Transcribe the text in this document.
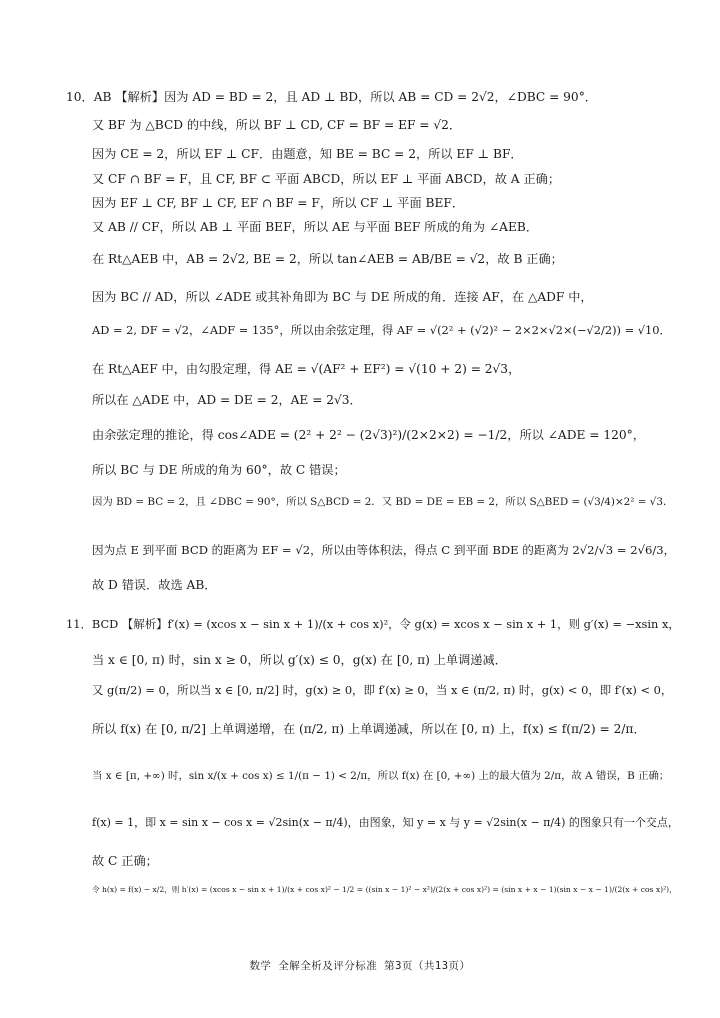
10．AB 【解析】因为 AD = BD = 2，且 AD ⊥ BD，所以 AB = CD = 2√2，∠DBC = 90°．
又 BF 为 △BCD 的中线，所以 BF ⊥ CD, CF = BF = EF = √2．
因为 CE = 2，所以 EF ⊥ CF．由题意，知 BE = BC = 2，所以 EF ⊥ BF．
又 CF ∩ BF = F，且 CF, BF ⊂ 平面 ABCD，所以 EF ⊥ 平面 ABCD，故 A 正确；
因为 EF ⊥ CF, BF ⊥ CF, EF ∩ BF = F，所以 CF ⊥ 平面 BEF．
又 AB // CF，所以 AB ⊥ 平面 BEF，所以 AE 与平面 BEF 所成的角为 ∠AEB．
在 Rt△AEB 中，AB = 2√2, BE = 2，所以 tan∠AEB = AB/BE = √2，故 B 正确；
因为 BC // AD，所以 ∠ADE 或其补角即为 BC 与 DE 所成的角．连接 AF，在 △ADF 中，
AD = 2, DF = √2，∠ADF = 135°，所以由余弦定理，得 AF = √(2² + (√2)² − 2×2×√2×(−√2/2)) = √10．
在 Rt△AEF 中，由勾股定理，得 AE = √(AF² + EF²) = √(10 + 2) = 2√3，
所以在 △ADE 中，AD = DE = 2，AE = 2√3．
由余弦定理的推论，得 cos∠ADE = (2² + 2² − (2√3)²)/(2×2×2) = −1/2，所以 ∠ADE = 120°，
所以 BC 与 DE 所成的角为 60°，故 C 错误；
因为 BD = BC = 2，且 ∠DBC = 90°，所以 S△BCD = 2．又 BD = DE = EB = 2，所以 S△BED = (√3/4)×2² = √3．
因为点 E 到平面 BCD 的距离为 EF = √2，所以由等体积法，得点 C 到平面 BDE 的距离为 2√2/√3 = 2√6/3，
故 D 错误．故选 AB．
11．BCD 【解析】f′(x) = (xcos x − sin x + 1)/(x + cos x)²，令 g(x) = xcos x − sin x + 1，则 g′(x) = −xsin x，
当 x ∈ [0, π) 时，sin x ≥ 0，所以 g′(x) ≤ 0，g(x) 在 [0, π) 上单调递减．
又 g(π/2) = 0，所以当 x ∈ [0, π/2] 时，g(x) ≥ 0，即 f′(x) ≥ 0，当 x ∈ (π/2, π) 时，g(x) < 0，即 f′(x) < 0，
所以 f(x) 在 [0, π/2] 上单调递增，在 (π/2, π) 上单调递减，所以在 [0, π) 上，f(x) ≤ f(π/2) = 2/π．
当 x ∈ [π, +∞) 时，sin x/(x + cos x) ≤ 1/(π − 1) < 2/π，所以 f(x) 在 [0, +∞) 上的最大值为 2/π，故 A 错误，B 正确；
f(x) = 1，即 x = sin x − cos x = √2sin(x − π/4)，由图象，知 y = x 与 y = √2sin(x − π/4) 的图象只有一个交点，
故 C 正确；
令 h(x) = f(x) − x/2，则 h′(x) = (xcos x − sin x + 1)/(x + cos x)² − 1/2 = ((sin x − 1)² − x²)/(2(x + cos x)²) = (sin x + x − 1)(sin x − x − 1)/(2(x + cos x)²)，
数学 全解全析及评分标准 第3页（共13页）
